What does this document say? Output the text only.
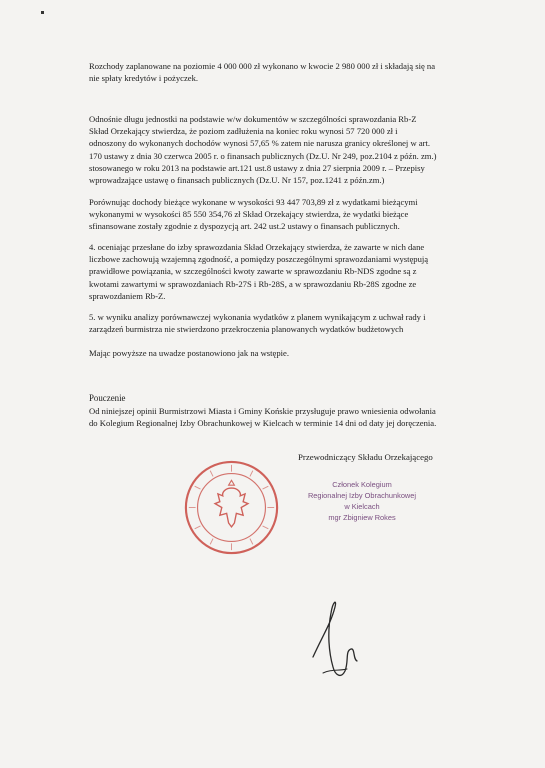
Rozchody zaplanowane na poziomie 4 000 000 zł wykonano w kwocie 2 980 000 zł i składają się na
nie spłaty kredytów i pożyczek.
Odnośnie długu jednostki na podstawie w/w dokumentów w szczególności sprawozdania Rb-Z
Skład Orzekający stwierdza, że poziom zadłużenia na koniec roku wynosi 57 720 000 zł i
odnoszony do wykonanych dochodów wynosi 57,65 % zatem nie narusza granicy określonej w art.
170 ustawy z dnia 30 czerwca 2005 r. o finansach publicznych (Dz.U. Nr 249, poz.2104 z późn. zm.)
stosowanego w roku 2013 na podstawie art.121 ust.8 ustawy z dnia 27 sierpnia 2009 r. – Przepisy
wprowadzające ustawę o finansach publicznych (Dz.U. Nr 157, poz.1241 z późn.zm.)
Porównując dochody bieżące wykonane w wysokości 93 447 703,89 zł z wydatkami bieżącymi
wykonanymi w wysokości 85 550 354,76 zł Skład Orzekający stwierdza, że wydatki bieżące
sfinansowane zostały zgodnie z dyspozycją art. 242 ust.2 ustawy o finansach publicznych.
4. oceniając przesłane do izby sprawozdania Skład Orzekający stwierdza, że zawarte w nich dane
liczbowe zachowują wzajemną zgodność, a pomiędzy poszczególnymi sprawozdaniami występują
prawidłowe powiązania, w szczególności kwoty zawarte w sprawozdaniu Rb-NDS zgodne są z
kwotami zawartymi w sprawozdaniach Rb-27S i Rb-28S, a w sprawozdaniu Rb-28S zgodne ze
sprawozdaniem Rb-Z.
5. w wyniku analizy porównawczej wykonania wydatków z planem wynikającym z uchwał rady i
zarządzeń burmistrza nie stwierdzono przekroczenia planowanych wydatków budżetowych
Mając powyższe na uwadze postanowiono jak na wstępie.
Pouczenie
Od niniejszej opinii Burmistrzowi Miasta i Gminy Końskie przysługuje prawo wniesienia odwołania
do Kolegium Regionalnej Izby Obrachunkowej w Kielcach w terminie 14 dni od daty jej doręczenia.
Przewodniczący Składu Orzekającego
Członek Kolegium
Regionalnej Izby Obrachunkowej
w Kielcach
mgr Zbigniew Rokes
